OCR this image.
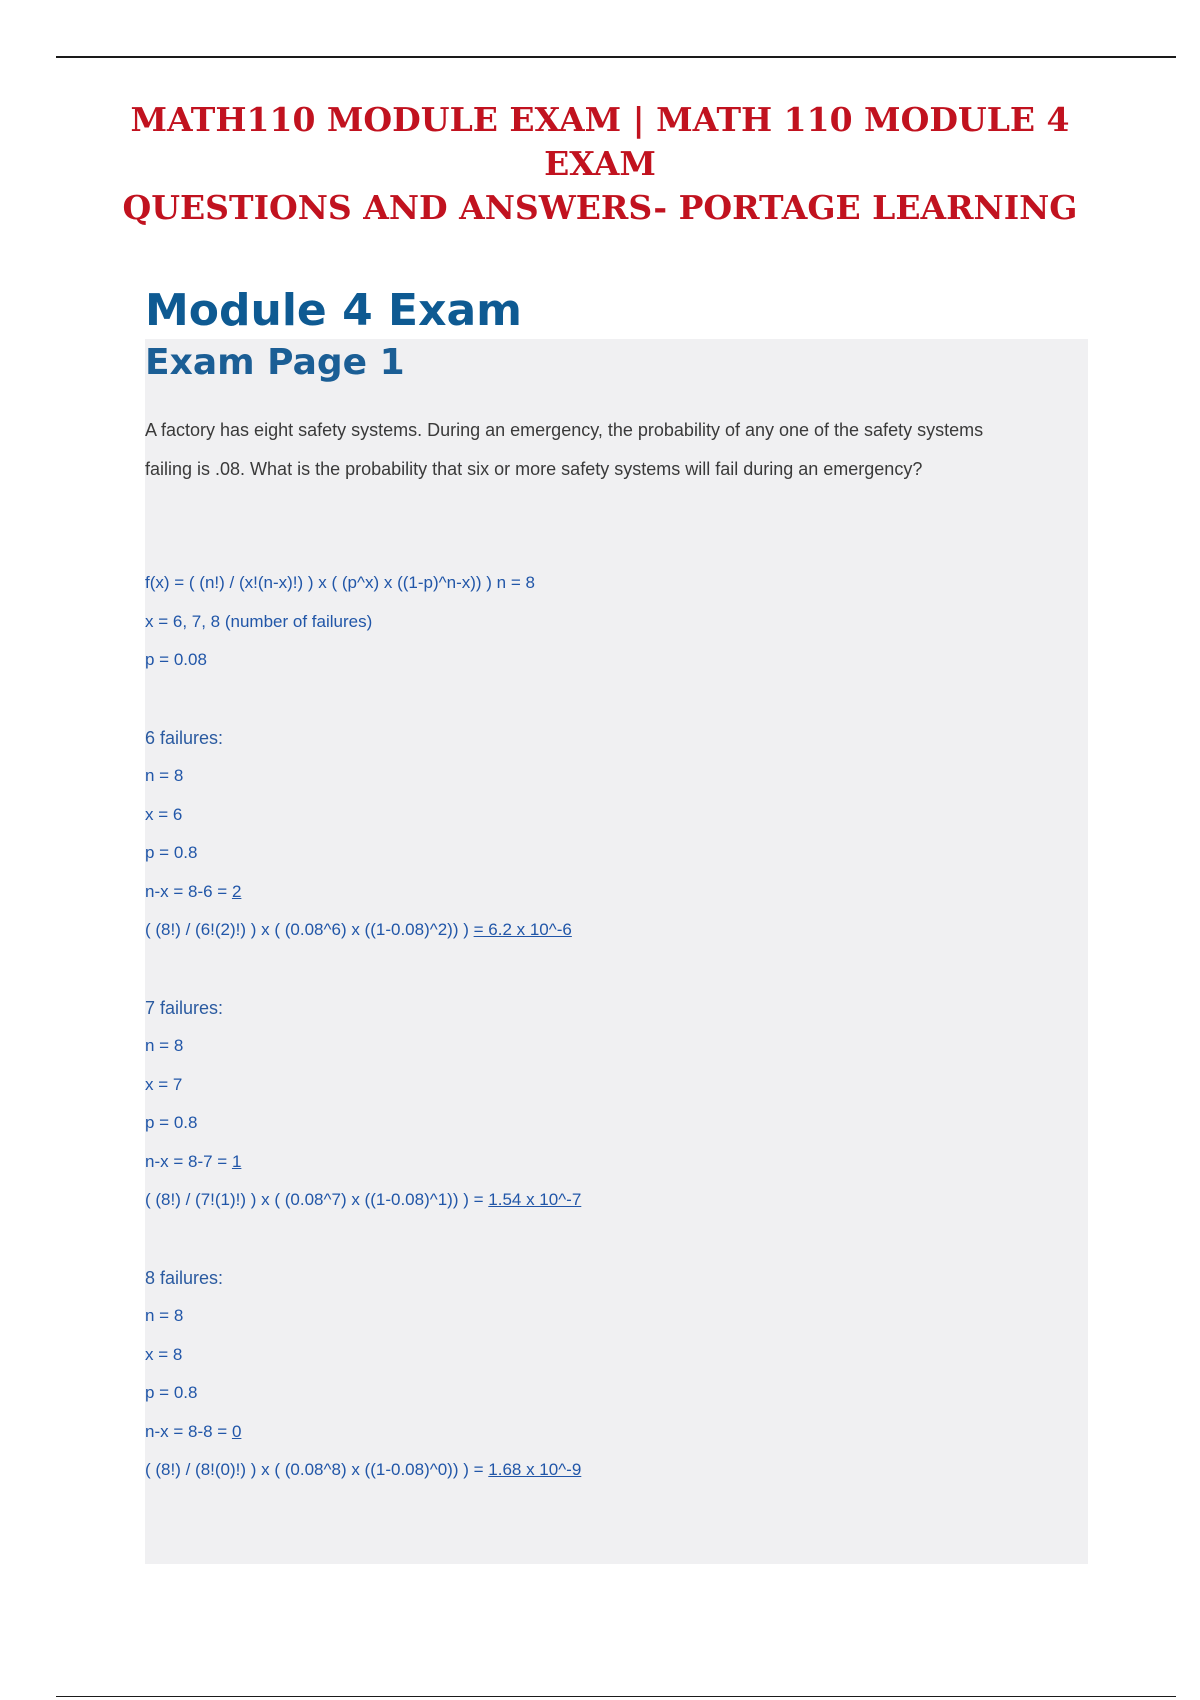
MATH110 MODULE EXAM | MATH 110 MODULE 4 EXAM
QUESTIONS AND ANSWERS- PORTAGE LEARNING
Module 4 Exam
Exam Page 1

A factory has eight safety systems. During an emergency, the probability of any one of the safety systems failing is .08. What is the probability that six or more safety systems will fail during an emergency?

f(x) = ( (n!) / (x!(n-x)!) ) x ( (p^x) x ((1-p)^n-x)) ) n = 8
x = 6, 7, 8 (number of failures)
p = 0.08
6 failures:
n = 8
x = 6
p = 0.8
n-x = 8-6 = 2
( (8!) / (6!(2)!) ) x ( (0.08^6) x ((1-0.08)^2)) ) = 6.2 x 10^-6
7 failures:
n = 8
x = 7
p = 0.8
n-x = 8-7 = 1
( (8!) / (7!(1)!) ) x ( (0.08^7) x ((1-0.08)^1)) ) = 1.54 x 10^-7
8 failures:
n = 8
x = 8
p = 0.8
n-x = 8-8 = 0
( (8!) / (8!(0)!) ) x ( (0.08^8) x ((1-0.08)^0)) ) = 1.68 x 10^-9
